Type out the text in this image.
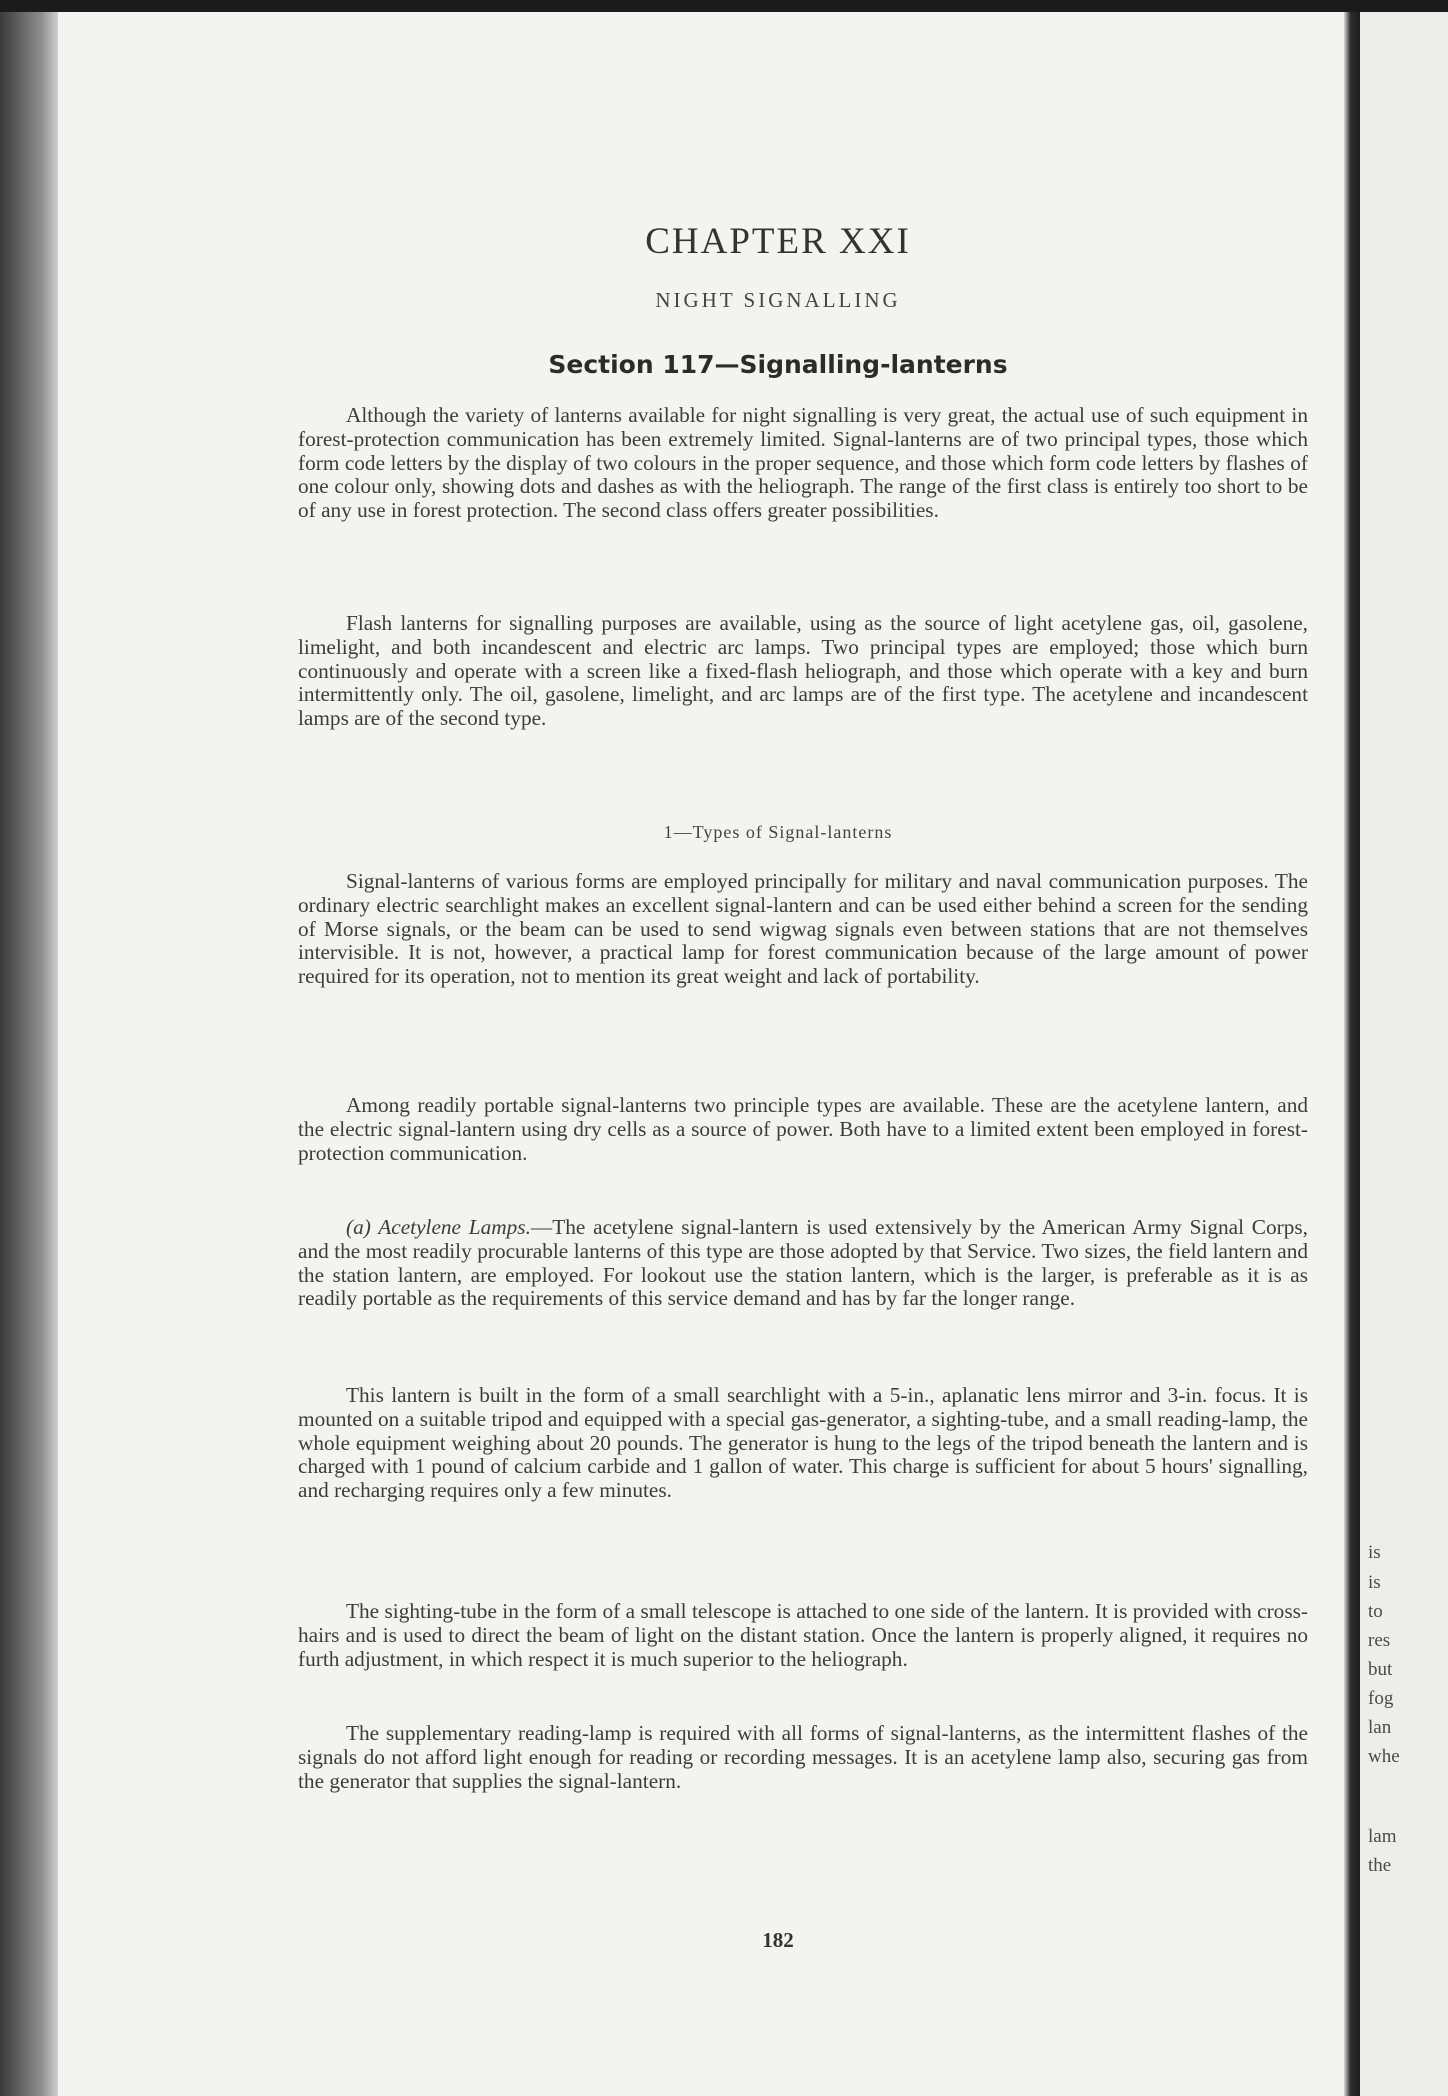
CHAPTER XXI
NIGHT SIGNALLING
Section 117—Signalling-lanterns

Although the variety of lanterns available for night signalling is very great, the actual use of such equipment in forest-protection communication has been extremely limited. Signal-lanterns are of two principal types, those which form code letters by the display of two colours in the proper sequence, and those which form code letters by flashes of one colour only, showing dots and dashes as with the heliograph. The range of the first class is entirely too short to be of any use in forest protection. The second class offers greater possibilities.

Flash lanterns for signalling purposes are available, using as the source of light acetylene gas, oil, gasolene, limelight, and both incandescent and electric arc lamps. Two principal types are employed; those which burn continuously and operate with a screen like a fixed-flash heliograph, and those which operate with a key and burn intermittently only. The oil, gasolene, limelight, and arc lamps are of the first type. The acetylene and incandescent lamps are of the second type.

1—Types of Signal-lanterns

Signal-lanterns of various forms are employed principally for military and naval communication purposes. The ordinary electric searchlight makes an excellent signal-lantern and can be used either behind a screen for the sending of Morse signals, or the beam can be used to send wigwag signals even between stations that are not themselves intervisible. It is not, however, a practical lamp for forest communication because of the large amount of power required for its operation, not to mention its great weight and lack of portability.

Among readily portable signal-lanterns two principle types are available. These are the acetylene lantern, and the electric signal-lantern using dry cells as a source of power. Both have to a limited extent been employed in forest-protection communication.

(a) Acetylene Lamps.—The acetylene signal-lantern is used extensively by the American Army Signal Corps, and the most readily procurable lanterns of this type are those adopted by that Service. Two sizes, the field lantern and the station lantern, are employed. For lookout use the station lantern, which is the larger, is preferable as it is as readily portable as the requirements of this service demand and has by far the longer range.

This lantern is built in the form of a small searchlight with a 5-in., aplanatic lens mirror and 3-in. focus. It is mounted on a suitable tripod and equipped with a special gas-generator, a sighting-tube, and a small reading-lamp, the whole equipment weighing about 20 pounds. The generator is hung to the legs of the tripod beneath the lantern and is charged with 1 pound of calcium carbide and 1 gallon of water. This charge is sufficient for about 5 hours' signalling, and recharging requires only a few minutes.

The sighting-tube in the form of a small telescope is attached to one side of the lantern. It is provided with cross-hairs and is used to direct the beam of light on the distant station. Once the lantern is properly aligned, it requires no furth adjustment, in which respect it is much superior to the heliograph.

The supplementary reading-lamp is required with all forms of signal-lanterns, as the intermittent flashes of the signals do not afford light enough for reading or recording messages. It is an acetylene lamp also, securing gas from the generator that supplies the signal-lantern.

182
is
is
to
res
but
fog
lan
whe
lam
the
